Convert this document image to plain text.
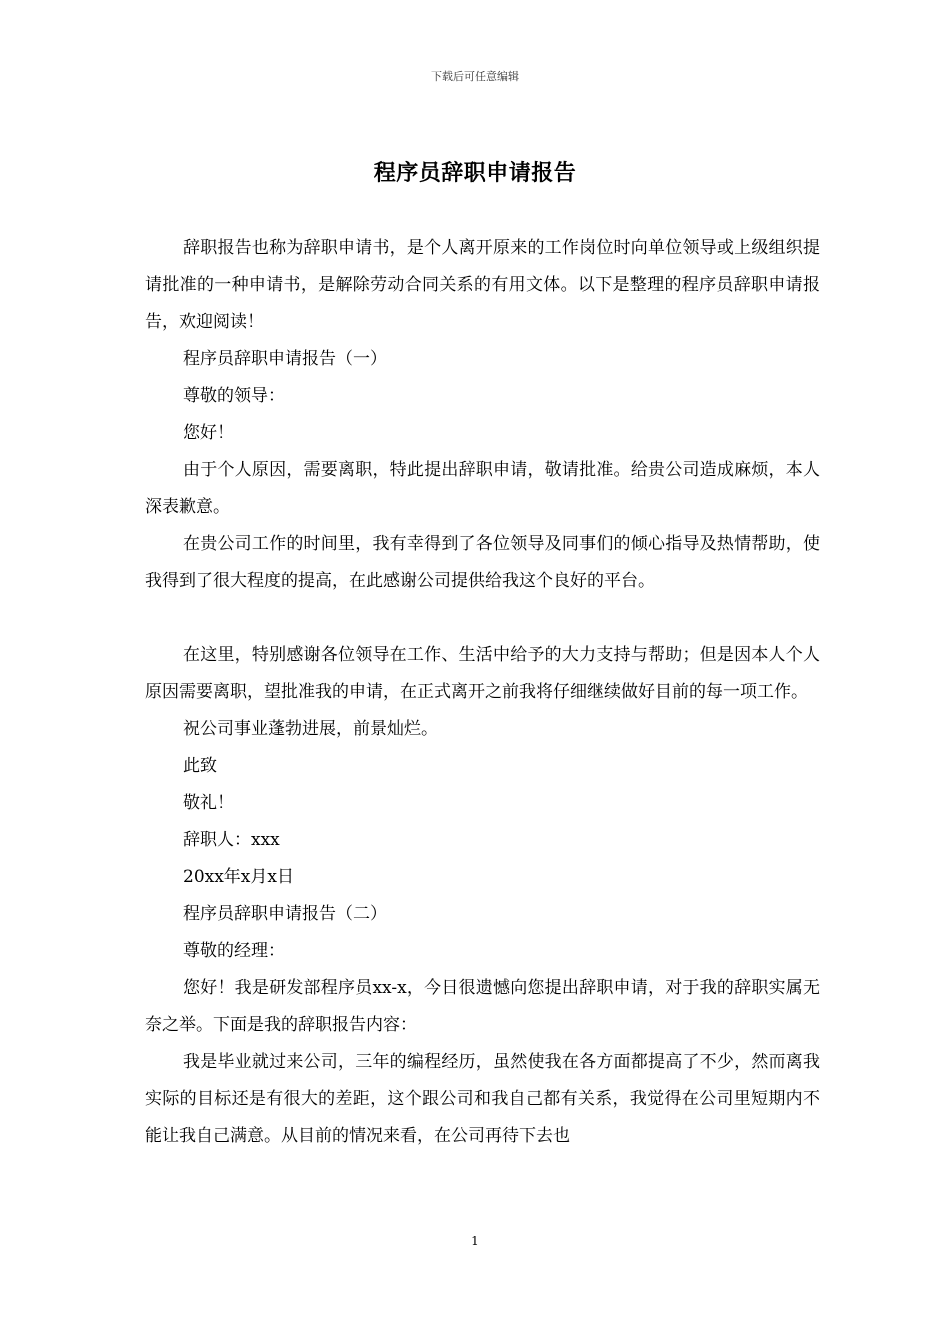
下载后可任意编辑
程序员辞职申请报告

辞职报告也称为辞职申请书，是个人离开原来的工作岗位时向单位领导或上级组织提请批准的一种申请书，是解除劳动合同关系的有用文体。以下是整理的程序员辞职申请报告，欢迎阅读！

程序员辞职申请报告（一）

尊敬的领导：

您好！

由于个人原因，需要离职，特此提出辞职申请，敬请批准。给贵公司造成麻烦，本人深表歉意。

在贵公司工作的时间里，我有幸得到了各位领导及同事们的倾心指导及热情帮助，使我得到了很大程度的提高，在此感谢公司提供给我这个良好的平台。

在这里，特别感谢各位领导在工作、生活中给予的大力支持与帮助；但是因本人个人原因需要离职，望批准我的申请，在正式离开之前我将仔细继续做好目前的每一项工作。

祝公司事业蓬勃进展，前景灿烂。

此致

敬礼！

辞职人：xxx

20xx年x月x日

程序员辞职申请报告（二）

尊敬的经理：

您好！我是研发部程序员xx-x，今日很遗憾向您提出辞职申请，对于我的辞职实属无奈之举。下面是我的辞职报告内容：

我是毕业就过来公司，三年的编程经历，虽然使我在各方面都提高了不少，然而离我实际的目标还是有很大的差距，这个跟公司和我自己都有关系，我觉得在公司里短期内不能让我自己满意。从目前的情况来看，在公司再待下去也

1
